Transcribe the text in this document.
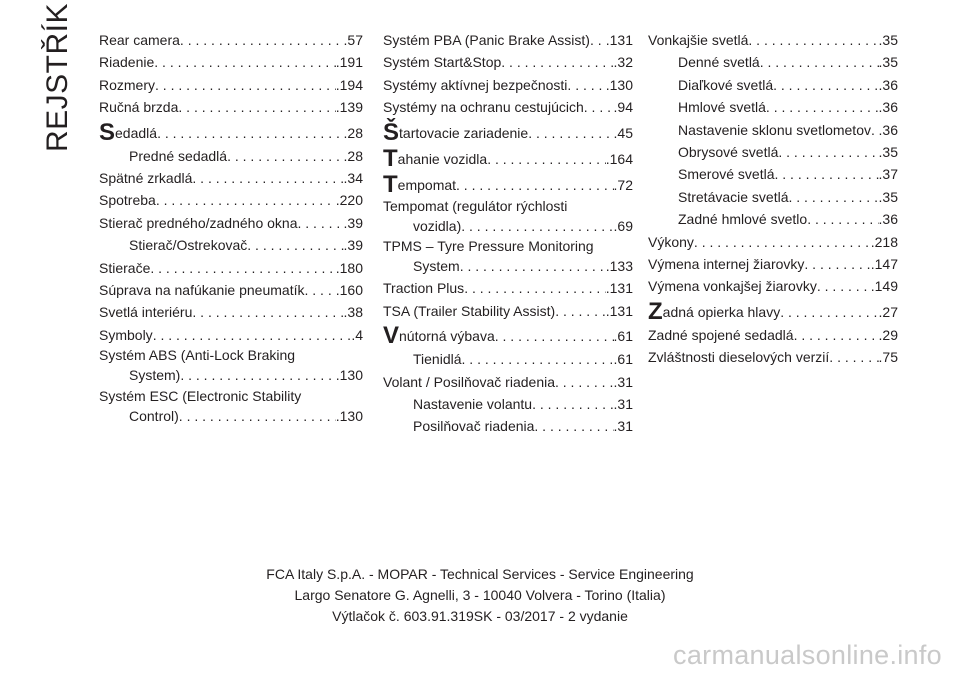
REJSTŘÍK Rear camera . . .	.57
Riadenie . . .	.191
Rozmery . . .	.194
Ručná brzda . . .	.139
Sedadlá . . .	.28
Predné sedadlá . . .	.28
Spätné zrkadlá . . .	.34
Spotreba . . .	.220
Stierač predného/zadného okna . . .	.39
Stierač/Ostrekovač . . .	.39
Stierače . . .	.180
Súprava na nafúkanie pneumatík . . . .160
Svetlá interiéru . . .	.38
Symboly . . .	.4
Systém ABS (Anti-Lock Braking
System) . . .	.130
Systém ESC (Electronic Stability
Control) . . .	.130
Systém PBA (Panic Brake Assist) . . . .131
Systém Start&Stop . . .	.32
Systémy aktívnej bezpečnosti . . .	.130
Systémy na ochranu cestujúcich . . . .94
Štartovacie zariadenie . . .	.45
Tahanie vozidla . . .	.164
Tempomat . . .	.72
Tempomat (regulátor rýchlosti
vozidla) . . .	.69
TPMS – Tyre Pressure Monitoring
System . . .	.133
Traction Plus . . .	.131
TSA (Trailer Stability Assist) . . .	.131
Vnútorná výbava . . .	.61
Tienidlá . . .	.61
Volant / Posilňovač riadenia . . .	.31
Nastavenie volantu . . .	.31
Posilňovač riadenia . . .	.31
Vonkajšie svetlá . . .	.35
Denné svetlá . . .	.35
Diaľkové svetlá . . .	.36
Hmlové svetlá . . .	.36
Nastavenie sklonu svetlometov . . . .36
Obrysové svetlá . . .	.35
Smerové svetlá . . .	.37
Stretávacie svetlá . . .	.35
Zadné hmlové svetlo . . .	.36
Výkony . . .	.218
Výmena internej žiarovky . . .	.147
Výmena vonkajšej žiarovky . . .	.149
Zadná opierka hlavy . . .	.27
Zadné spojené sedadlá . . .	.29
Zvláštnosti dieselových verzií . . .	.75
FCA Italy S.p.A. - MOPAR - Technical Services - Service Engineering
Largo Senatore G. Agnelli, 3 - 10040 Volvera - Torino (Italia)
Výtlačok č. 603.91.319SK - 03/2017 - 2 vydanie
carmanualsonline.info
